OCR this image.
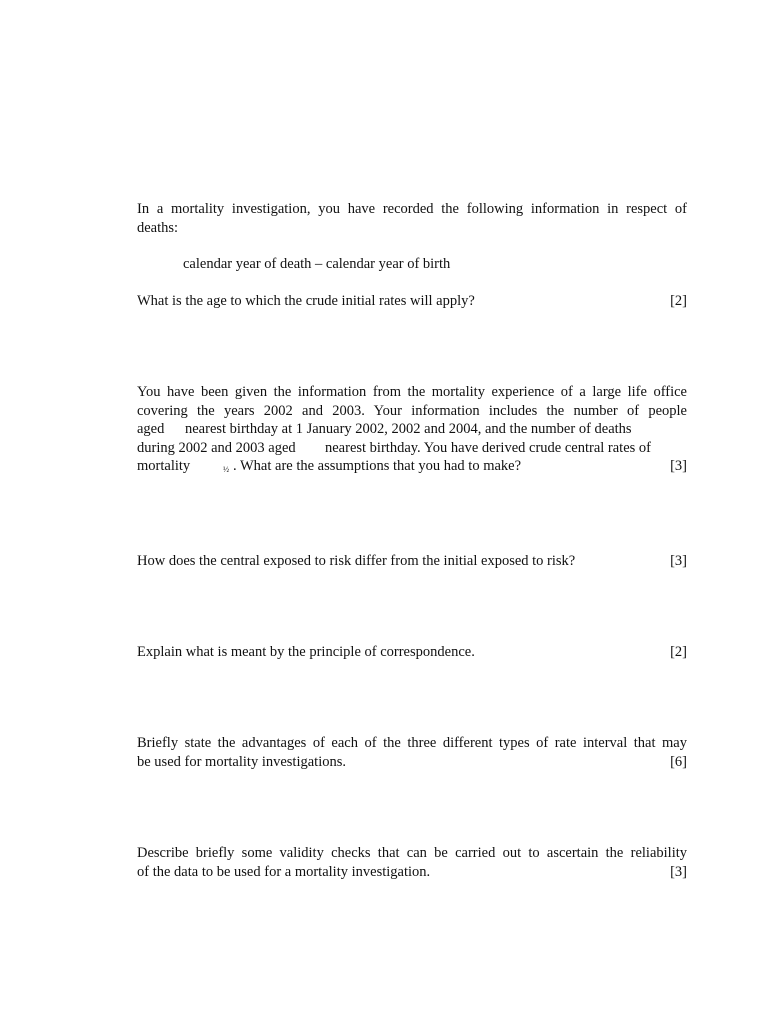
In a mortality investigation, you have recorded the following information in respect of
deaths:
calendar year of death – calendar year of birth
What is the age to which the crude initial rates will apply?	[2]
You have been given the information from the mortality experience of a large life office
covering the years 2002 and 2003. Your information includes the number of people
aged nearest birthday at 1 January 2002, 2002 and 2004, and the number of deaths
during 2002 and 2003 aged nearest birthday. You have derived crude central rates of
mortality	$_{\frac{1}{2}}$ . What are the assumptions that you had to make?	[3]
How does the central exposed to risk differ from the initial exposed to risk?	[3]
Explain what is meant by the principle of correspondence.	[2]
Briefly state the advantages of each of the three different types of rate interval that may
be used for mortality investigations.	[6]
Describe briefly some validity checks that can be carried out to ascertain the reliability
of the data to be used for a mortality investigation.	[3]
